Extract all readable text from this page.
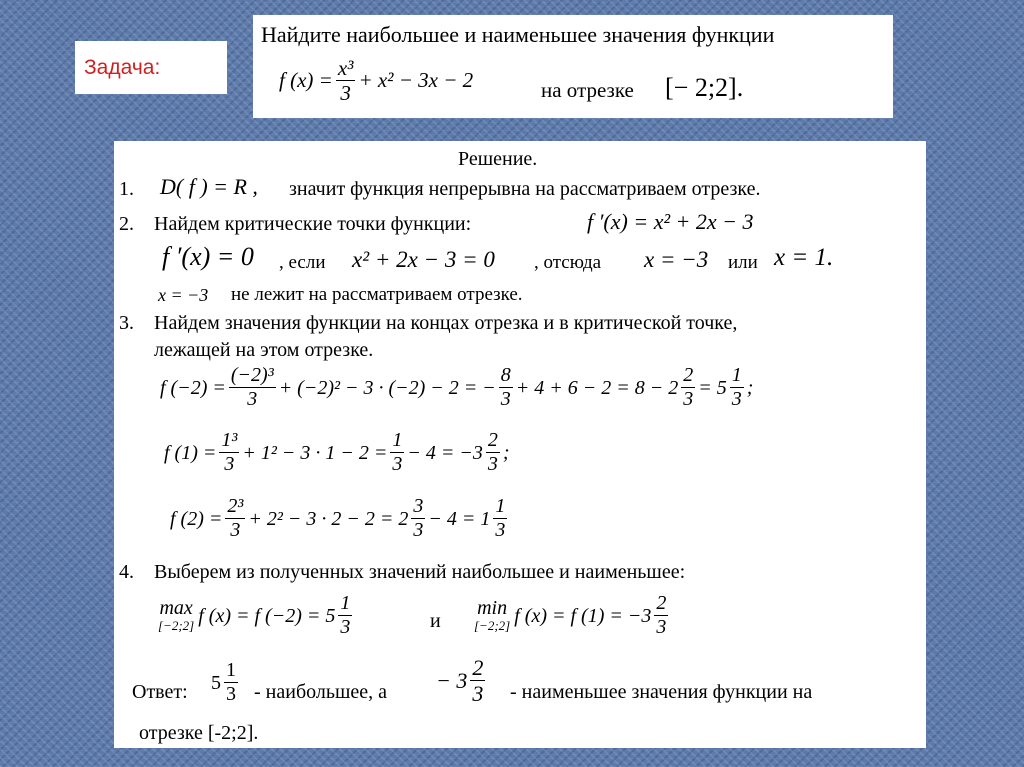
Задача:
Найдите наибольшее и наименьшее значения функции
f $(x) = \frac{\text{x³}}{3} + x^2 - 3x - 2$	на отрезке [− 2;2].
Решение.
1. D( f ) = R , значит функция непрерывна на рассматриваем отрезке.
2. Найдем критические точки функции:	f ′(x) = x² + 2x − 3
f ′(x) = 0 , если x² + 2x − 3 = 0 , отсюда x = −3 или x = 1.
x = −3 не лежит на рассматриваем отрезке.
3. Найдем значения функции на концах отрезка и в критической точке,
лежащей на этом отрезке.
f $(-2) = \frac{\text{(−2)³}}{3} + (-2)^2 - 3 \cdot (-2) - 2$ = − $\frac{8}{3} + 4 + 6 - 2 = 8 - 2 \frac{2}{3} = 5 \frac{1}{3}$ ;
f $(1) = \frac{\text{1³}}{3} + 1^2 - 3 \cdot 1 - 2 = \frac{1}{3} - 4 = -3 \frac{2}{3}$ ;
f $(2) = \frac{\text{2³}}{3} + 2^2 - 3 \cdot 2 - 2 = 2 \frac{3}{3} - 4 = 1 \frac{1}{3}$
4. Выберем из полученных значений наибольшее и наименьшее:
max
[−2;2] f (x) = f $(-2) = 5 \frac{1}{3}$	и
min
[−2;2] f (x) = f $(1) = -3 \frac{2}{3}$
Ответ: $5 \frac{1}{3}$ - наибольшее, $а - 3 \frac{2}{3}$ - наименьшее значения функции на
отрезке [-2;2].
